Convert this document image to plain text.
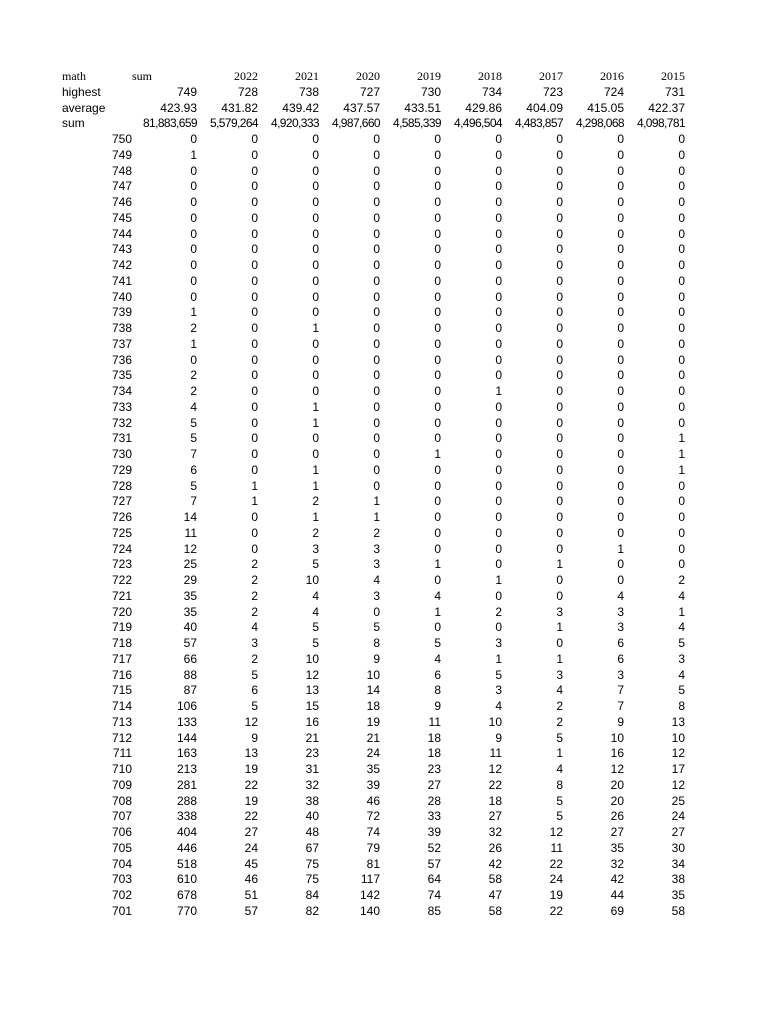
math	sum	2022	2021	2020	2019	2018	2017	2016	2015
highest	749	728	738	727	730	734	723	724	731
average	423.93	431.82	439.42	437.57	433.51	429.86	404.09	415.05	422.37
sum	81,883,659	5,579,264	4,920,333	4,987,660	4,585,339	4,496,504	4,483,857	4,298,068	4,098,781
750	0	0	0	0	0	0	0	0	0
749	1	0	0	0	0	0	0	0	0
748	0	0	0	0	0	0	0	0	0
747	0	0	0	0	0	0	0	0	0
746	0	0	0	0	0	0	0	0	0
745	0	0	0	0	0	0	0	0	0
744	0	0	0	0	0	0	0	0	0
743	0	0	0	0	0	0	0	0	0
742	0	0	0	0	0	0	0	0	0
741	0	0	0	0	0	0	0	0	0
740	0	0	0	0	0	0	0	0	0
739	1	0	0	0	0	0	0	0	0
738	2	0	1	0	0	0	0	0	0
737	1	0	0	0	0	0	0	0	0
736	0	0	0	0	0	0	0	0	0
735	2	0	0	0	0	0	0	0	0
734	2	0	0	0	0	1	0	0	0
733	4	0	1	0	0	0	0	0	0
732	5	0	1	0	0	0	0	0	0
731	5	0	0	0	0	0	0	0	1
730	7	0	0	0	1	0	0	0	1
729	6	0	1	0	0	0	0	0	1
728	5	1	1	0	0	0	0	0	0
727	7	1	2	1	0	0	0	0	0
726	14	0	1	1	0	0	0	0	0
725	11	0	2	2	0	0	0	0	0
724	12	0	3	3	0	0	0	1	0
723	25	2	5	3	1	0	1	0	0
722	29	2	10	4	0	1	0	0	2
721	35	2	4	3	4	0	0	4	4
720	35	2	4	0	1	2	3	3	1
719	40	4	5	5	0	0	1	3	4
718	57	3	5	8	5	3	0	6	5
717	66	2	10	9	4	1	1	6	3
716	88	5	12	10	6	5	3	3	4
715	87	6	13	14	8	3	4	7	5
714	106	5	15	18	9	4	2	7	8
713	133	12	16	19	11	10	2	9	13
712	144	9	21	21	18	9	5	10	10
711	163	13	23	24	18	11	1	16	12
710	213	19	31	35	23	12	4	12	17
709	281	22	32	39	27	22	8	20	12
708	288	19	38	46	28	18	5	20	25
707	338	22	40	72	33	27	5	26	24
706	404	27	48	74	39	32	12	27	27
705	446	24	67	79	52	26	11	35	30
704	518	45	75	81	57	42	22	32	34
703	610	46	75	117	64	58	24	42	38
702	678	51	84	142	74	47	19	44	35
701	770	57	82	140	85	58	22	69	58
